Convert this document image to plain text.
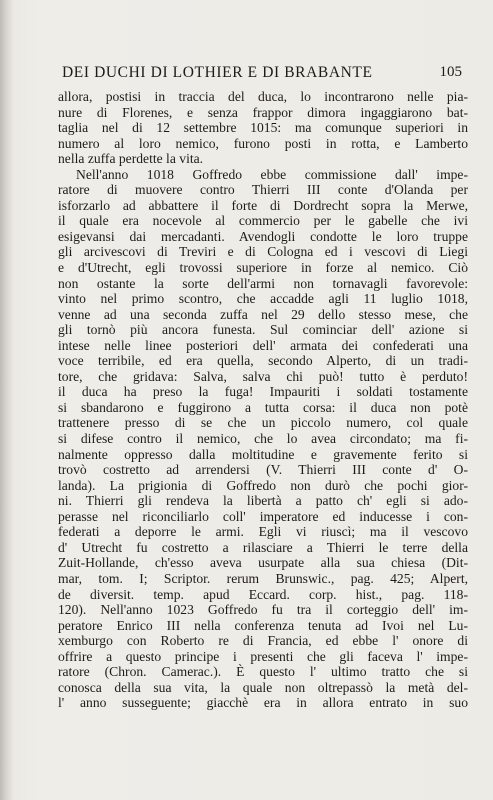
DEI DUCHI DI LOTHIER E DI BRABANTE	105
allora, postisi in traccia del duca, lo incontrarono nelle pia-
nure di Florenes, e senza frappor dimora ingaggiarono bat-
taglia nel di 12 settembre 1015: ma comunque superiori in
numero al loro nemico, furono posti in rotta, e Lamberto
nella zuffa perdette la vita.
Nell'anno 1018 Goffredo ebbe commissione dall' impe-
ratore di muovere contro Thierri III conte d'Olanda per
isforzarlo ad abbattere il forte di Dordrecht sopra la Merwe,
il quale era nocevole al commercio per le gabelle che ivi
esigevansi dai mercadanti. Avendogli condotte le loro truppe
gli arcivescovi di Treviri e di Cologna ed i vescovi di Liegi
e d'Utrecht, egli trovossi superiore in forze al nemico. Ciò
non ostante la sorte dell'armi non tornavagli favorevole:
vinto nel primo scontro, che accadde agli 11 luglio 1018,
venne ad una seconda zuffa nel 29 dello stesso mese, che
gli tornò più ancora funesta. Sul cominciar dell' azione si
intese nelle linee posteriori dell' armata dei confederati una
voce terribile, ed era quella, secondo Alperto, di un tradi-
tore, che gridava: Salva, salva chi può! tutto è perduto!
il duca ha preso la fuga! Impauriti i soldati tostamente
si sbandarono e fuggirono a tutta corsa: il duca non potè
trattenere presso di se che un piccolo numero, col quale
si difese contro il nemico, che lo avea circondato; ma fi-
nalmente oppresso dalla moltitudine e gravemente ferito si
trovò costretto ad arrendersi (V. Thierri III conte d' O-
landa). La prigionia di Goffredo non durò che pochi gior-
ni. Thierri gli rendeva la libertà a patto ch' egli si ado-
perasse nel riconciliarlo coll' imperatore ed inducesse i con-
federati a deporre le armi. Egli vi riuscì; ma il vescovo
d' Utrecht fu costretto a rilasciare a Thierri le terre della
Zuit-Hollande, ch'esso aveva usurpate alla sua chiesa (Dit-
mar, tom. I; Scriptor. rerum Brunswic., pag. 425; Alpert,
de diversit. temp. apud Eccard. corp. hist., pag. 118-
120). Nell'anno 1023 Goffredo fu tra il corteggio dell' im-
peratore Enrico III nella conferenza tenuta ad Ivoi nel Lu-
xemburgo con Roberto re di Francia, ed ebbe l' onore di
offrire a questo principe i presenti che gli faceva l' impe-
ratore (Chron. Camerac.). È questo l' ultimo tratto che si
conosca della sua vita, la quale non oltrepassò la metà del-
l' anno susseguente; giacchè era in allora entrato in suo
